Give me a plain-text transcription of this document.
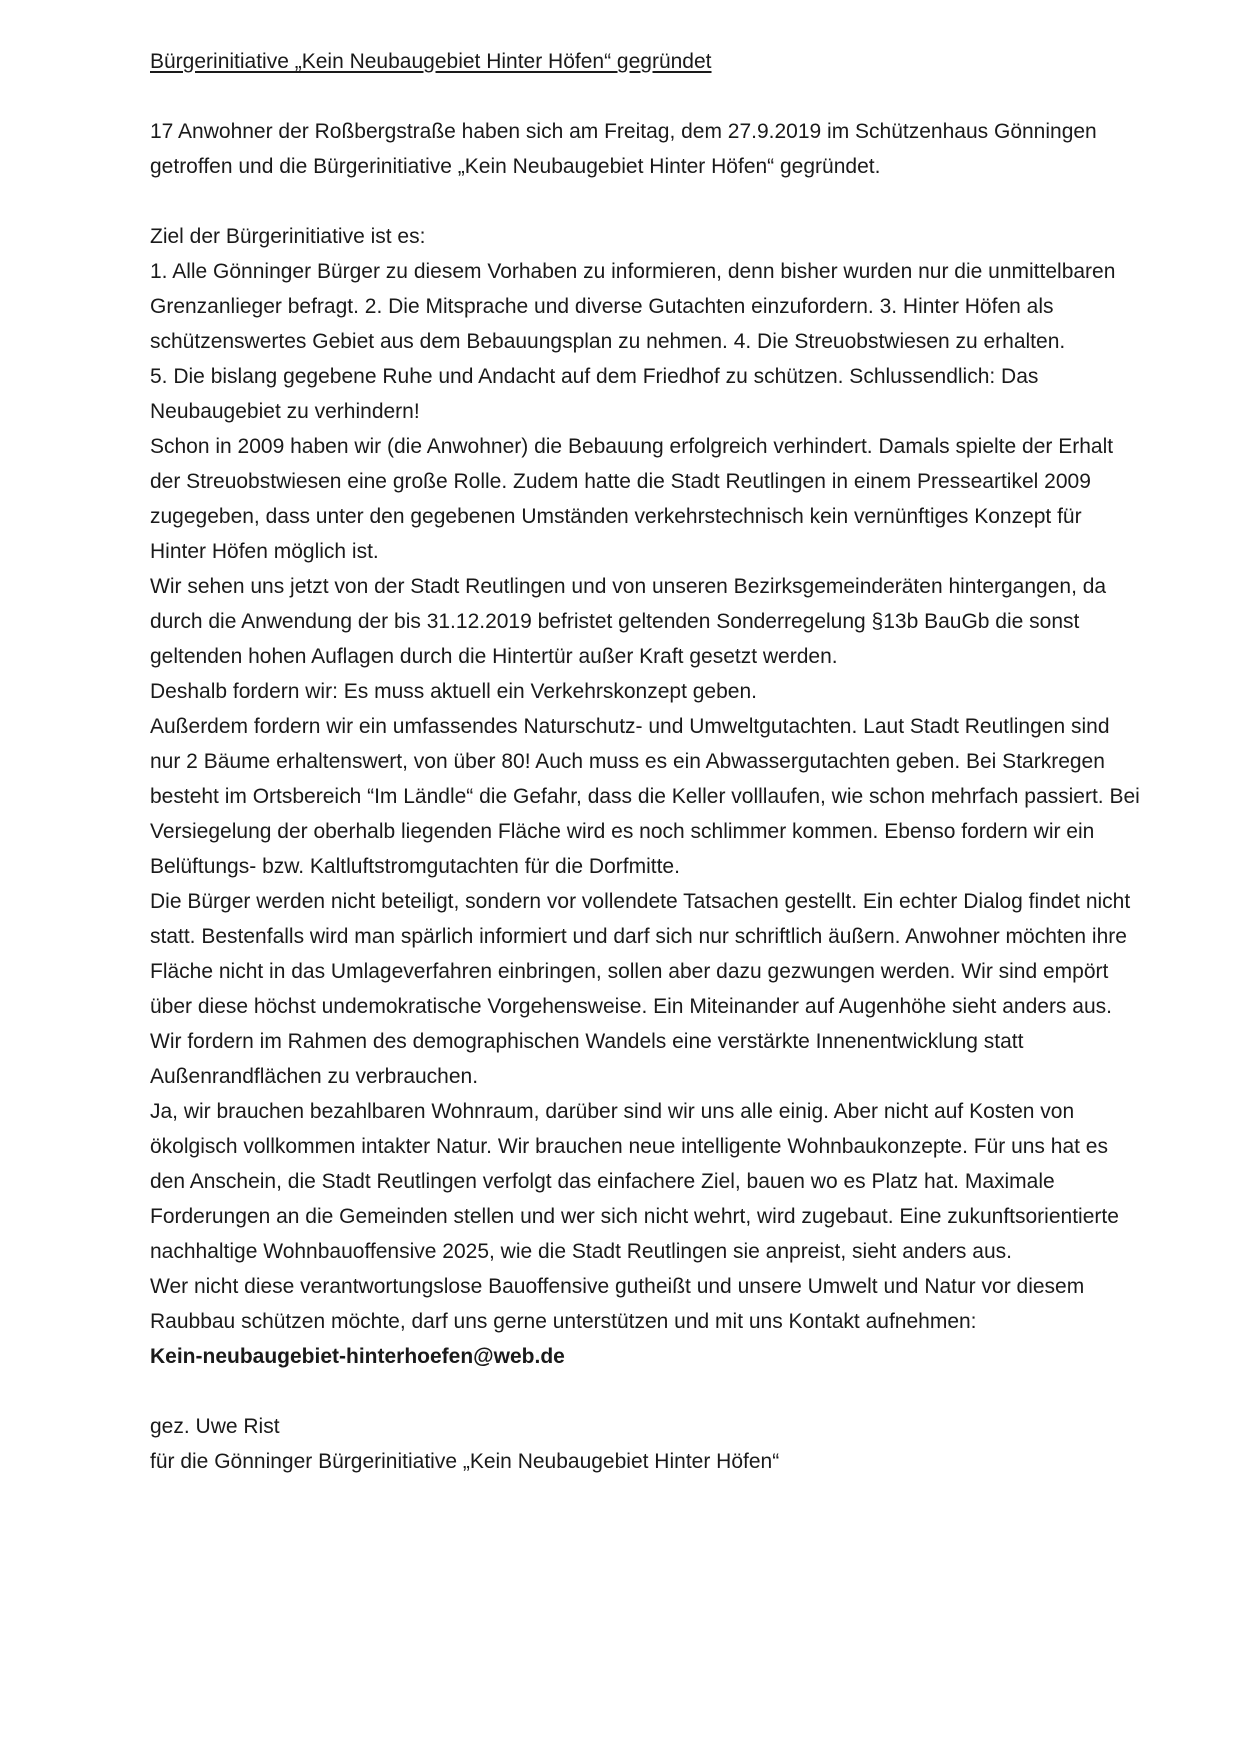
Bürgerinitiative „Kein Neubaugebiet Hinter Höfen“ gegründet

17 Anwohner der Roßbergstraße haben sich am Freitag, dem 27.9.2019 im Schützenhaus Gönningen getroffen und die Bürgerinitiative „Kein Neubaugebiet Hinter Höfen“ gegründet.

Ziel der Bürgerinitiative ist es:

1. Alle Gönninger Bürger zu diesem Vorhaben zu informieren, denn bisher wurden nur die unmittelbaren Grenzanlieger befragt. 2. Die Mitsprache und diverse Gutachten einzufordern. 3. Hinter Höfen als schützenswertes Gebiet aus dem Bebauungsplan zu nehmen. 4. Die Streuobstwiesen zu erhalten.

5. Die bislang gegebene Ruhe und Andacht auf dem Friedhof zu schützen. Schlussendlich: Das Neubaugebiet zu verhindern!

Schon in 2009 haben wir (die Anwohner) die Bebauung erfolgreich verhindert. Damals spielte der Erhalt der Streuobstwiesen eine große Rolle. Zudem hatte die Stadt Reutlingen in einem Presseartikel 2009 zugegeben, dass unter den gegebenen Umständen verkehrstechnisch kein vernünftiges Konzept für Hinter Höfen möglich ist.

Wir sehen uns jetzt von der Stadt Reutlingen und von unseren Bezirksgemeinderäten hintergangen, da durch die Anwendung der bis 31.12.2019 befristet geltenden Sonderregelung §13b BauGb die sonst geltenden hohen Auflagen durch die Hintertür außer Kraft gesetzt werden.

Deshalb fordern wir: Es muss aktuell ein Verkehrskonzept geben.

Außerdem fordern wir ein umfassendes Naturschutz- und Umweltgutachten. Laut Stadt Reutlingen sind nur 2 Bäume erhaltenswert, von über 80! Auch muss es ein Abwassergutachten geben. Bei Starkregen besteht im Ortsbereich “Im Ländle“ die Gefahr, dass die Keller volllaufen, wie schon mehrfach passiert. Bei Versiegelung der oberhalb liegenden Fläche wird es noch schlimmer kommen. Ebenso fordern wir ein Belüftungs- bzw. Kaltluftstromgutachten für die Dorfmitte.

Die Bürger werden nicht beteiligt, sondern vor vollendete Tatsachen gestellt. Ein echter Dialog findet nicht statt. Bestenfalls wird man spärlich informiert und darf sich nur schriftlich äußern. Anwohner möchten ihre Fläche nicht in das Umlageverfahren einbringen, sollen aber dazu gezwungen werden. Wir sind empört über diese höchst undemokratische Vorgehensweise. Ein Miteinander auf Augenhöhe sieht anders aus.

Wir fordern im Rahmen des demographischen Wandels eine verstärkte Innenentwicklung statt Außenrandflächen zu verbrauchen.

Ja, wir brauchen bezahlbaren Wohnraum, darüber sind wir uns alle einig. Aber nicht auf Kosten von ökolgisch vollkommen intakter Natur. Wir brauchen neue intelligente Wohnbaukonzepte. Für uns hat es den Anschein, die Stadt Reutlingen verfolgt das einfachere Ziel, bauen wo es Platz hat. Maximale Forderungen an die Gemeinden stellen und wer sich nicht wehrt, wird zugebaut. Eine zukunftsorientierte nachhaltige Wohnbauoffensive 2025, wie die Stadt Reutlingen sie anpreist, sieht anders aus.

Wer nicht diese verantwortungslose Bauoffensive gutheißt und unsere Umwelt und Natur vor diesem Raubbau schützen möchte, darf uns gerne unterstützen und mit uns Kontakt aufnehmen:

Kein-neubaugebiet-hinterhoefen@web.de

gez. Uwe Rist

für die Gönninger Bürgerinitiative „Kein Neubaugebiet Hinter Höfen“
